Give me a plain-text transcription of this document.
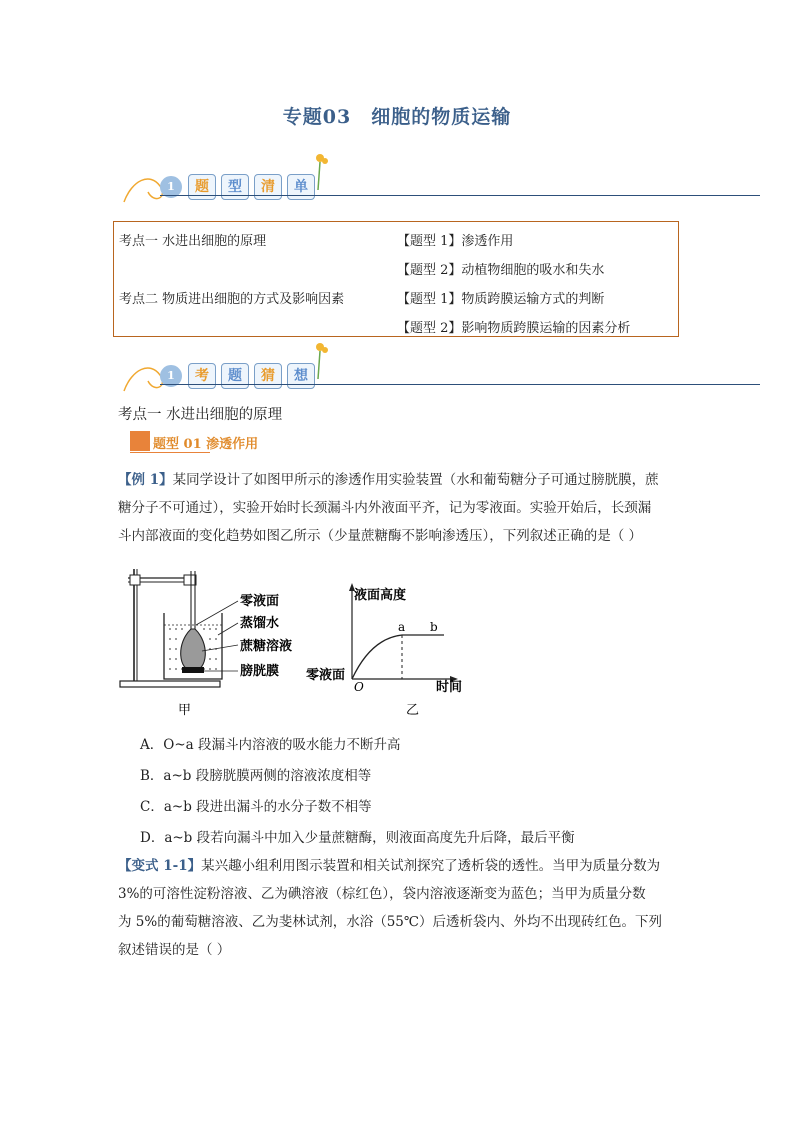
专题03　细胞的物质运输
1	题	型	清	单
考点一 水进出细胞的原理	【题型 1】渗透作用
【题型 2】动植物细胞的吸水和失水
考点二 物质进出细胞的方式及影响因素	【题型 1】物质跨膜运输方式的判断
【题型 2】影响物质跨膜运输的因素分析
1	考	题	猜	想
考点一 水进出细胞的原理
题型 01 渗透作用
【例 1】某同学设计了如图甲所示的渗透作用实验装置（水和葡萄糖分子可通过膀胱膜，蔗
糖分子不可通过），实验开始时长颈漏斗内外液面平齐，记为零液面。实验开始后，长颈漏
斗内部液面的变化趋势如图乙所示（少量蔗糖酶不影响渗透压），下列叙述正确的是（ ）
零液面
蒸馏水
蔗糖溶液
膀胱膜
甲
液面高度
时间
零液面
O
a b
乙
A．O~a 段漏斗内溶液的吸水能力不断升高
B．a~b 段膀胱膜两侧的溶液浓度相等
C．a~b 段进出漏斗的水分子数不相等
D．a~b 段若向漏斗中加入少量蔗糖酶，则液面高度先升后降，最后平衡
【变式 1-1】某兴趣小组利用图示装置和相关试剂探究了透析袋的透性。当甲为质量分数为
3%的可溶性淀粉溶液、乙为碘溶液（棕红色），袋内溶液逐渐变为蓝色；当甲为质量分数
为 5%的葡萄糖溶液、乙为斐林试剂，水浴（55℃）后透析袋内、外均不出现砖红色。下列
叙述错误的是（ ）
